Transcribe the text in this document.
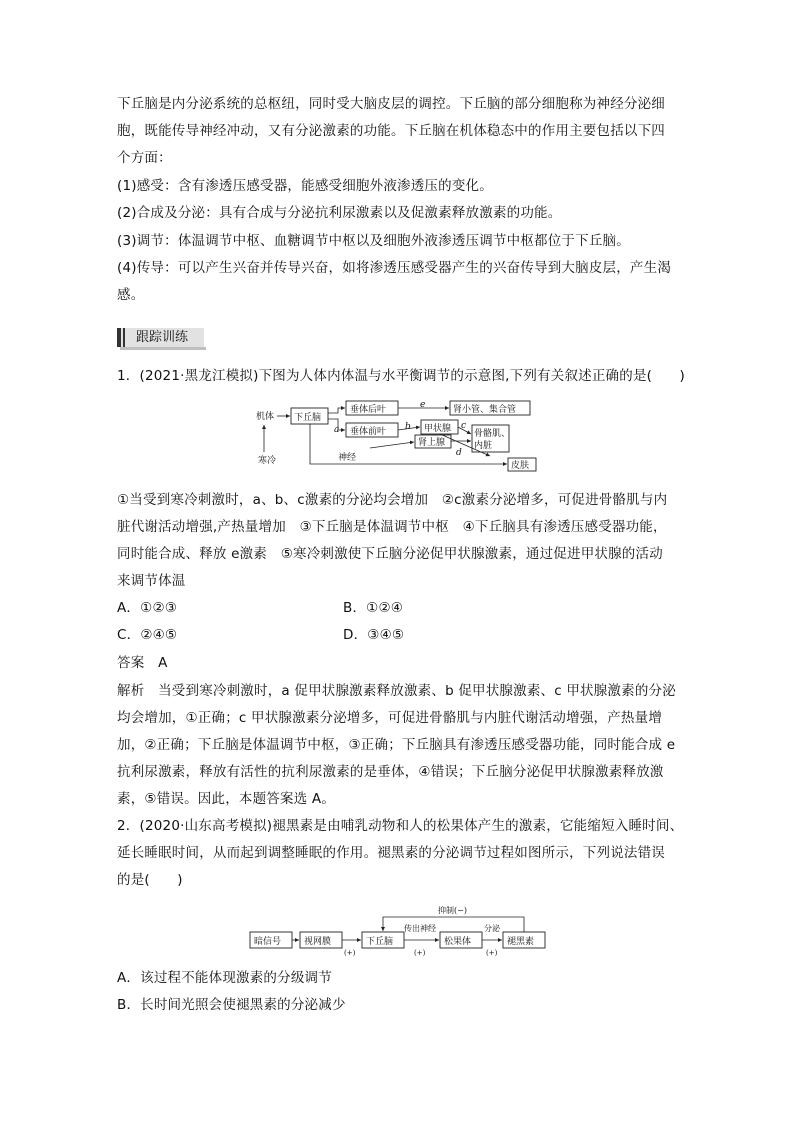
下丘脑是内分泌系统的总枢纽，同时受大脑皮层的调控。下丘脑的部分细胞称为神经分泌细
胞，既能传导神经冲动，又有分泌激素的功能。下丘脑在机体稳态中的作用主要包括以下四
个方面：
(1)感受：含有渗透压感受器，能感受细胞外液渗透压的变化。
(2)合成及分泌：具有合成与分泌抗利尿激素以及促激素释放激素的功能。
(3)调节：体温调节中枢、血糖调节中枢以及细胞外液渗透压调节中枢都位于下丘脑。
(4)传导：可以产生兴奋并传导兴奋，如将渗透压感受器产生的兴奋传导到大脑皮层，产生渴
感。
跟踪训练
1．(2021·黑龙江模拟)下图为人体内体温与水平衡调节的示意图,下列有关叙述正确的是(　　)
机体
寒冷
下丘脑
垂体后叶
垂体前叶	甲状腺
肾上腺
肾小管、集合管
骨骼肌、
内脏
皮肤
神经
a	b	c
e
d
①当受到寒冷刺激时，a、b、c激素的分泌均会增加　②c激素分泌增多，可促进骨骼肌与内
脏代谢活动增强,产热量增加　③下丘脑是体温调节中枢　④下丘脑具有渗透压感受器功能，
同时能合成、释放 e激素　⑤寒冷刺激使下丘脑分泌促甲状腺激素，通过促进甲状腺的活动
来调节体温
A．①②③	B．①②④
C．②④⑤	D．③④⑤
答案　A
解析　当受到寒冷刺激时，a 促甲状腺激素释放激素、b 促甲状腺激素、c 甲状腺激素的分泌
均会增加，①正确；c 甲状腺激素分泌增多，可促进骨骼肌与内脏代谢活动增强，产热量增
加，②正确；下丘脑是体温调节中枢，③正确；下丘脑具有渗透压感受器功能，同时能合成 e
抗利尿激素，释放有活性的抗利尿激素的是垂体，④错误；下丘脑分泌促甲状腺激素释放激
素，⑤错误。因此，本题答案选 A。
2．(2020·山东高考模拟)褪黑素是由哺乳动物和人的松果体产生的激素，它能缩短入睡时间、
延长睡眠时间，从而起到调整睡眠的作用。褪黑素的分泌调节过程如图所示，下列说法错误
的是(　　)
暗信号	视网膜	下丘脑	松果体	褪黑素
传出神经	分泌
(+)	(+)	(+)
抑制(−)
A．该过程不能体现激素的分级调节
B．长时间光照会使褪黑素的分泌减少
